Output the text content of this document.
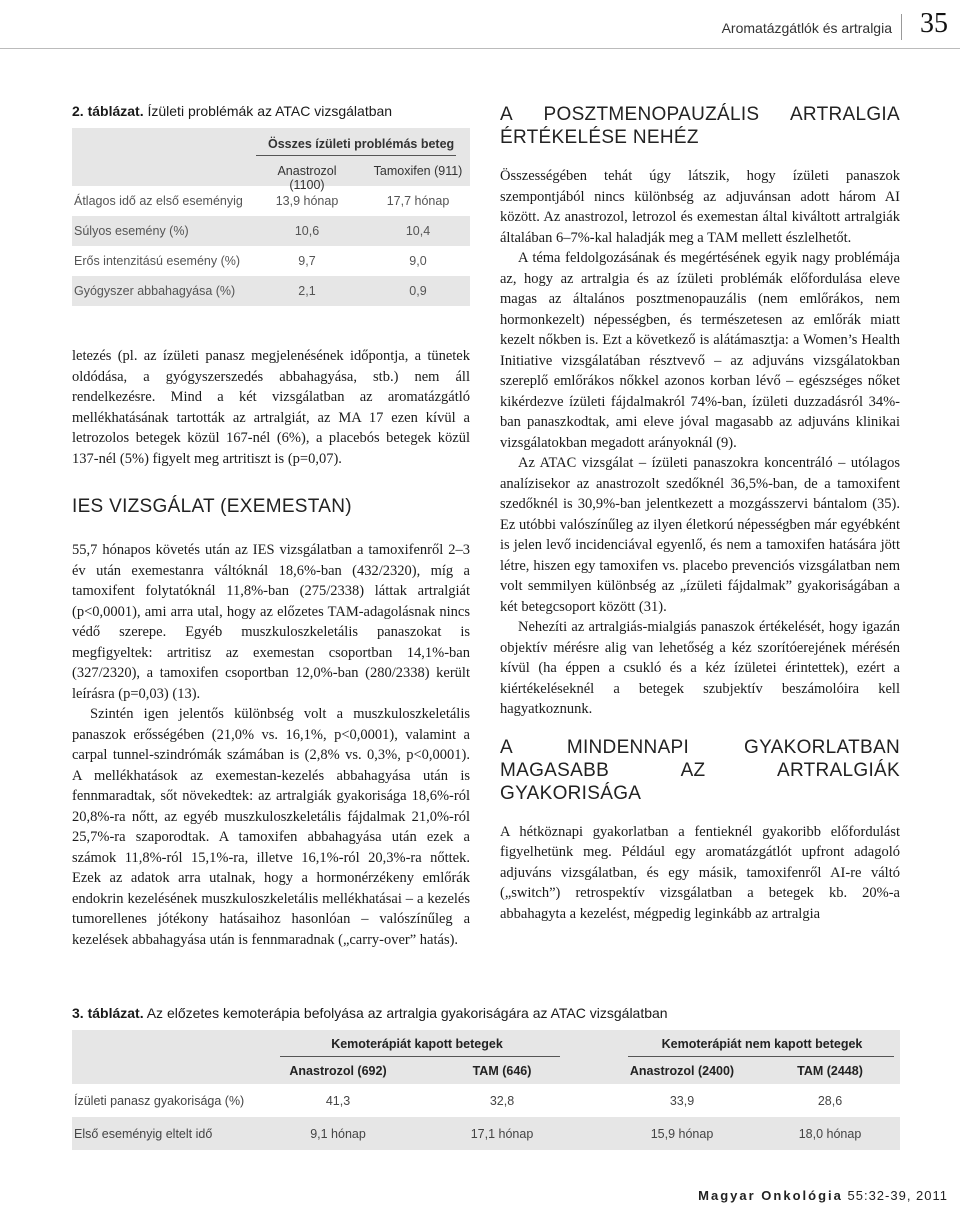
Aromatázgátlók és artralgia 35
2. táblázat. Ízületi problémák az ATAC vizsgálatban
Összes ízületi problémás beteg
Anastrozol (1100)
Tamoxifen (911)
Átlagos idő az első eseményig	13,9 hónap	17,7 hónap
Súlyos esemény (%)	10,6	10,4
Erős intenzitású esemény (%)	9,7	9,0
Gyógyszer abbahagyása (%)	2,1	0,9

letezés (pl. az ízületi panasz megjelenésének időpontja, a tünetek oldódása, a gyógyszerszedés abbahagyása, stb.) nem áll rendelkezésre. Mind a két vizsgálatban az aromatázgátló mellékhatásának tartották az artralgiát, az MA 17 ezen kívül a letrozolos betegek közül 167-nél (6%), a placebós betegek közül 137-nél (5%) figyelt meg artritiszt is (p=0,07).

IES VIZSGÁLAT (EXEMESTAN)

55,7 hónapos követés után az IES vizsgálatban a tamoxifenről 2–3 év után exemestanra váltóknál 18,6%-ban (432/2320), míg a tamoxifent folytatóknál 11,8%-ban (275/2338) láttak artralgiát (p<0,0001), ami arra utal, hogy az előzetes TAM-adagolásnak nincs védő szerepe. Egyéb muszkuloszkeletális panaszokat is megfigyeltek: artritisz az exemestan csoportban 14,1%-ban (327/2320), a tamoxifen csoportban 12,0%-ban (280/2338) került leírásra (p=0,03) (13).

Szintén igen jelentős különbség volt a muszkuloszkeletális panaszok erősségében (21,0% vs. 16,1%, p<0,0001), valamint a carpal tunnel-szindrómák számában is (2,8% vs. 0,3%, p<0,0001). A mellékhatások az exemestan-kezelés abbahagyása után is fennmaradtak, sőt növekedtek: az artralgiák gyakorisága 18,6%-ról 20,8%-ra nőtt, az egyéb muszkuloszkeletális fájdalmak 21,0%-ról 25,7%-ra szaporodtak. A tamoxifen abbahagyása után ezek a számok 11,8%-ról 15,1%-ra, illetve 16,1%-ról 20,3%-ra nőttek. Ezek az adatok arra utalnak, hogy a hormonérzékeny emlőrák endokrin kezelésének muszkuloszkeletális mellékhatásai – a kezelés tumorellenes jótékony hatásaihoz hasonlóan – valószínűleg a kezelések abbahagyása után is fennmaradnak („carry-over” hatás).

A POSZTMENOPAUZÁLIS ARTRALGIA ÉRTÉKELÉSE NEHÉZ

Összességében tehát úgy látszik, hogy ízületi panaszok szempontjából nincs különbség az adjuvánsan adott három AI között. Az anastrozol, letrozol és exemestan által kiváltott artralgiák általában 6–7%-kal haladják meg a TAM mellett észlelhetőt.

A téma feldolgozásának és megértésének egyik nagy problémája az, hogy az artralgia és az ízületi problémák előfordulása eleve magas az általános posztmenopauzális (nem emlőrákos, nem hormonkezelt) népességben, és természetesen az emlőrák miatt kezelt nőkben is. Ezt a következő is alátámasztja: a Women’s Health Initiative vizsgálatában résztvevő – az adjuváns vizsgálatokban szereplő emlőrákos nőkkel azonos korban lévő – egészséges nőket kikérdezve ízületi fájdalmakról 74%-ban, ízületi duzzadásról 34%-ban panaszkodtak, ami eleve jóval magasabb az adjuváns klinikai vizsgálatokban megadott arányoknál (9).

Az ATAC vizsgálat – ízületi panaszokra koncentráló – utólagos analízisekor az anastrozolt szedőknél 36,5%-ban, de a tamoxifent szedőknél is 30,9%-ban jelentkezett a mozgásszervi bántalom (35). Ez utóbbi valószínűleg az ilyen életkorú népességben már egyébként is jelen levő incidenciával egyenlő, és nem a tamoxifen hatására jött létre, hiszen egy tamoxifen vs. placebo prevenciós vizsgálatban nem volt semmilyen különbség az „ízületi fájdalmak” gyakoriságában a két betegcsoport között (31).

Nehezíti az artralgiás-mialgiás panaszok értékelését, hogy igazán objektív mérésre alig van lehetőség a kéz szorítóerejének mérésén kívül (ha éppen a csukló és a kéz ízületei érintettek), ezért a kiértékeléseknél a betegek szubjektív beszámolóira kell hagyatkoznunk.

A MINDENNAPI GYAKORLATBAN MAGASABB AZ ARTRALGIÁK GYAKORISÁGA

A hétköznapi gyakorlatban a fentieknél gyakoribb előfordulást figyelhetünk meg. Például egy aromatázgátlót upfront adagoló adjuváns vizsgálatban, és egy másik, tamoxifenről AI-re váltó („switch”) retrospektív vizsgálatban a betegek kb. 20%-a abbahagyta a kezelést, mégpedig leginkább az artralgia

3. táblázat. Az előzetes kemoterápia befolyása az artralgia gyakoriságára az ATAC vizsgálatban
Kemoterápiát kapott betegek	Kemoterápiát nem kapott betegek
Anastrozol (692)	TAM (646)	Anastrozol (2400)	TAM (2448)
Ízületi panasz gyakorisága (%)	41,3	32,8	33,9	28,6
Első eseményig eltelt idő	9,1 hónap	17,1 hónap	15,9 hónap	18,0 hónap
Magyar Onkológia 55:32-39, 2011
